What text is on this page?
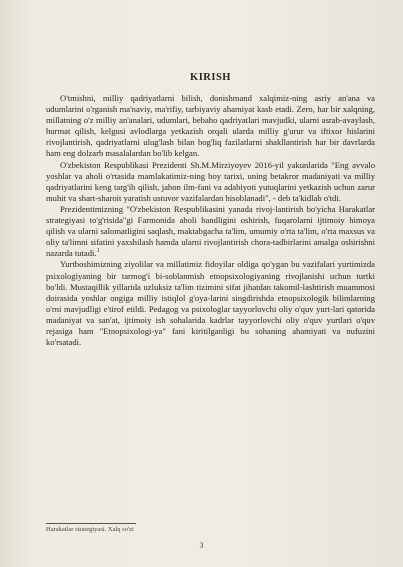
KIRISH

O'tmishni, milliy qadriyatlarni bilish, donishmand xalqimiz-ning asriy an'ana va udumlarini o'rganish ma'naviy, ma'rifiy, tarbiyaviy ahamiyat kasb etadi. Zero, har bir xalqning, millatning o'z milliy an'analari, udumlari, bebaho qadriyatlari mavjudki, ularni asrab-avaylash, hurmat qilish, kelgusi avlodlarga yetkazish orqali ularda milliy g'urur va iftixor hislarini rivojlantirish, qadriyatlarni ulug'lash bilan bog'liq fazilatlarni shakllantirish har bir davrlarda ham eng dolzarb masalalardan bo'lib kelgan.

O'zbekiston Respublikasi Prezidenti Sh.M.Mirziyoyev 2016-yil yakunlarida "Eng avvalo yoshlar va aholi o'rtasida mamlakatimiz-ning boy tarixi, uning betakror madaniyati va milliy qadriyatlarini keng targ'ib qilish, jahon ilm-fani va adabiyoti yutuqlarini yetkazish uchun zarur muhit va shart-sharoit yaratish ustuvor vazifalardan hisoblanadi", - deb ta'kidlab o'tdi.

Prezidentimizning "O'zbekiston Respublikasini yanada rivoj-lantirish bo'yicha Harakatlar strategiyasi to'g'risida"gi Farmonida aholi bandligini oshirish, fuqarolarni ijtimoiy himoya qilish va ularni salomatligini saqlash, maktabgacha ta'lim, umumiy o'rta ta'lim, o'rta maxsus va oliy ta'limni sifatini yaxshilash hamda ularni rivojlantirish chora-tadbirlarini amalga oshirishni nazarda tutadi.$^1$

Yurtboshimizning ziyolilar va millatimiz fidoyilar oldiga qo'ygan bu vazifalari yurtimizda psixologiyaning bir tarmog'i bi-soblanmish etnopsixologiyaning rivojlanishi uchun turtki bo'ldi. Mustaqillik yillarida uzluksiz ta'lim tizimini sifat jihatdan takomil-lashtirish muammosi doirasida yoshlar ongiga milliy istiqlol g'oya-larini singdirishda etnopsixologik bilimlarning o'rni mavjudligi e'tirof etildi. Pedagog va psixologlar tayyorlovchi oliy o'quv yurt-lari qatorida madaniyat va san'at, ijtimoiy ish sohalarida kadrlar tayyorlovchi oliy o'quv yurtlari o'quv rejasiga ham "Etnopsixologi-ya" fani kiritilganligi bu sohaning ahamiyati va nufuzini ko'rsatadi.

Harakatlar strategiyasi. Xalq so'zi
3
